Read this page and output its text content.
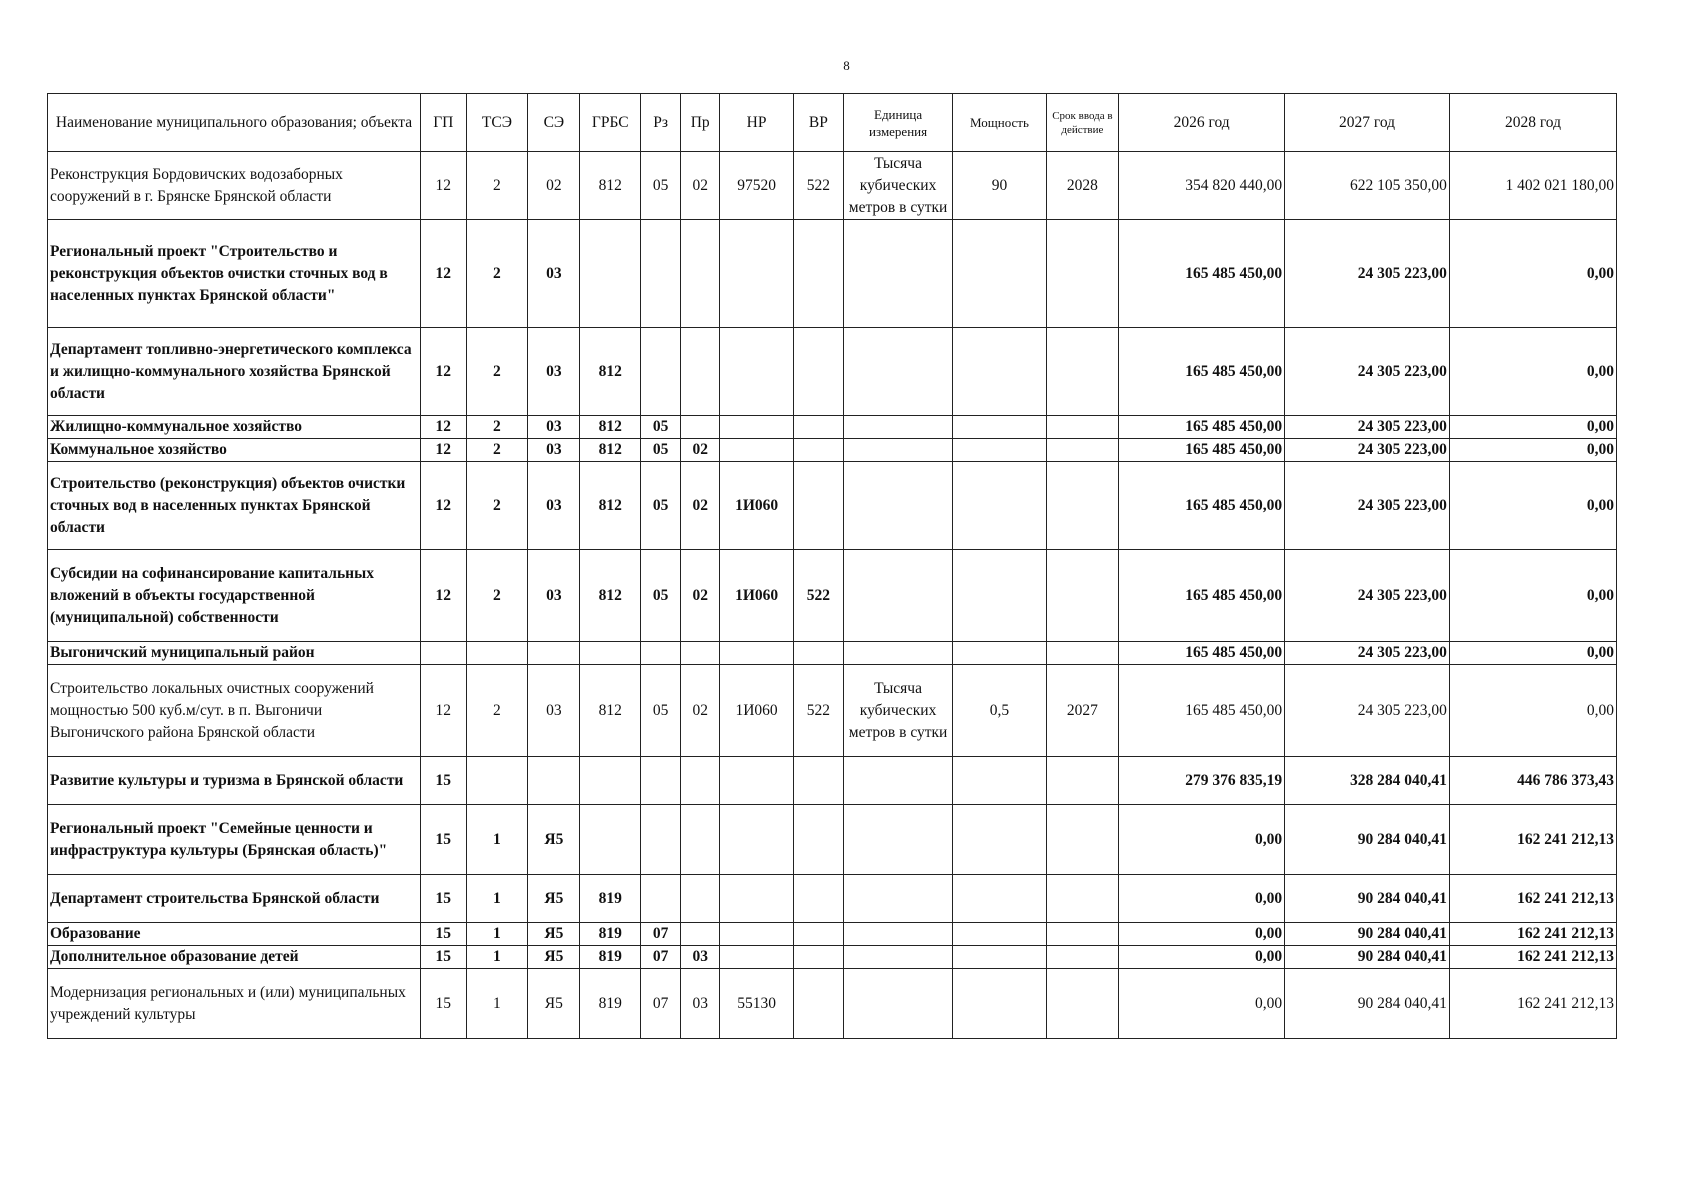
8
Наименование муниципального образования; объекта	ГП	ТСЭ	СЭ	ГРБС	Рз	Пр	НР	ВР	Единица измерения	Мощность	Срок ввода в действие	2026 год	2027 год	2028 год
Реконструкция Бордовичских водозаборных сооружений в г. Брянске Брянской области	12	2	02	812	05	02	97520	522	Тысяча кубических метров в сутки	90	2028	354 820 440,00	622 105 350,00	1 402 021 180,00
Региональный проект "Строительство и реконструкция объектов очистки сточных вод в населенных пунктах Брянской области"	12	2	03									165 485 450,00	24 305 223,00	0,00
Департамент топливно-энергетического комплекса и жилищно-коммунального хозяйства Брянской области	12	2	03	812								165 485 450,00	24 305 223,00	0,00
Жилищно-коммунальное хозяйство	12	2	03	812	05							165 485 450,00	24 305 223,00	0,00
Коммунальное хозяйство	12	2	03	812	05	02						165 485 450,00	24 305 223,00	0,00
Строительство (реконструкция) объектов очистки сточных вод в населенных пунктах Брянской области	12	2	03	812	05	02	1И060					165 485 450,00	24 305 223,00	0,00
Субсидии на софинансирование капитальных вложений в объекты государственной (муниципальной) собственности	12	2	03	812	05	02	1И060	522				165 485 450,00	24 305 223,00	0,00
Выгоничский муниципальный район												165 485 450,00	24 305 223,00	0,00
Строительство локальных очистных сооружений мощностью 500 куб.м/сут. в п. Выгоничи Выгоничского района Брянской области	12	2	03	812	05	02	1И060	522	Тысяча кубических метров в сутки	0,5	2027	165 485 450,00	24 305 223,00	0,00
Развитие культуры и туризма в Брянской области	15											279 376 835,19	328 284 040,41	446 786 373,43
Региональный проект "Семейные ценности и инфраструктура культуры (Брянская область)"	15	1	Я5									0,00	90 284 040,41	162 241 212,13
Департамент строительства Брянской области	15	1	Я5	819								0,00	90 284 040,41	162 241 212,13
Образование	15	1	Я5	819	07							0,00	90 284 040,41	162 241 212,13
Дополнительное образование детей	15	1	Я5	819	07	03						0,00	90 284 040,41	162 241 212,13
Модернизация региональных и (или) муниципальных учреждений культуры	15	1	Я5	819	07	03	55130					0,00	90 284 040,41	162 241 212,13
